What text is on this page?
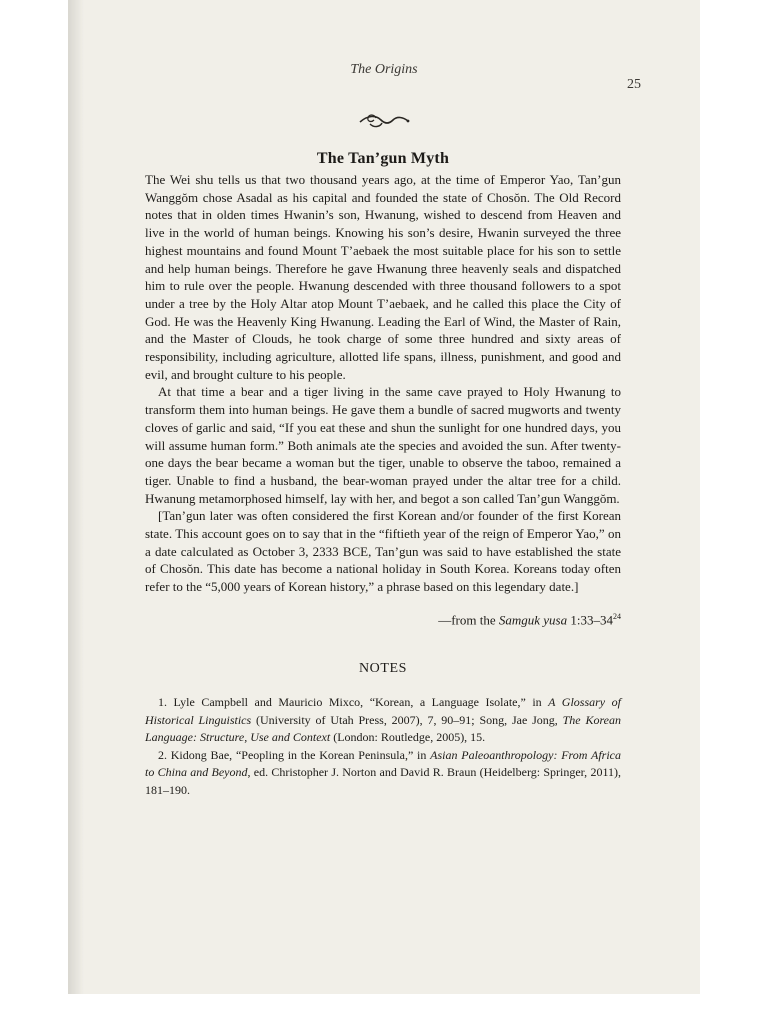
The Origins
25
The Tan’gun Myth

The Wei shu tells us that two thousand years ago, at the time of Emperor Yao, Tan’gun Wanggŏm chose Asadal as his capital and founded the state of Chosŏn. The Old Record notes that in olden times Hwanin’s son, Hwanung, wished to descend from Heaven and live in the world of human beings. Knowing his son’s desire, Hwanin surveyed the three highest mountains and found Mount T’aebaek the most suitable place for his son to settle and help human beings. Therefore he gave Hwanung three heavenly seals and dispatched him to rule over the people. Hwanung descended with three thousand followers to a spot under a tree by the Holy Altar atop Mount T’aebaek, and he called this place the City of God. He was the Heavenly King Hwanung. Leading the Earl of Wind, the Master of Rain, and the Master of Clouds, he took charge of some three hundred and sixty areas of responsibility, including agriculture, allotted life spans, illness, punishment, and good and evil, and brought culture to his people.

At that time a bear and a tiger living in the same cave prayed to Holy Hwanung to transform them into human beings. He gave them a bundle of sacred mugworts and twenty cloves of garlic and said, “If you eat these and shun the sunlight for one hundred days, you will assume human form.” Both animals ate the species and avoided the sun. After twenty-one days the bear became a woman but the tiger, unable to observe the taboo, remained a tiger. Unable to find a husband, the bear-woman prayed under the altar tree for a child. Hwanung metamorphosed himself, lay with her, and begot a son called Tan’gun Wanggŏm.

[Tan’gun later was often considered the first Korean and/or founder of the first Korean state. This account goes on to say that in the “fiftieth year of the reign of Emperor Yao,” on a date calculated as October 3, 2333 BCE, Tan’gun was said to have established the state of Chosŏn. This date has become a national holiday in South Korea. Koreans today often refer to the “5,000 years of Korean history,” a phrase based on this legendary date.]

—from the Samguk yusa $1:33-34^{24}$
NOTES
1. Lyle Campbell and Mauricio Mixco, “Korean, a Language Isolate,” in A Glossary of Historical Linguistics (University of Utah Press, 2007), 7, 90–91; Song, Jae Jong, The Korean Language: Structure, Use and Context (London: Routledge, 2005), 15.
2. Kidong Bae, “Peopling in the Korean Peninsula,” in Asian Paleoanthropology: From Africa to China and Beyond, ed. Christopher J. Norton and David R. Braun (Heidelberg: Springer, 2011), 181–190.
